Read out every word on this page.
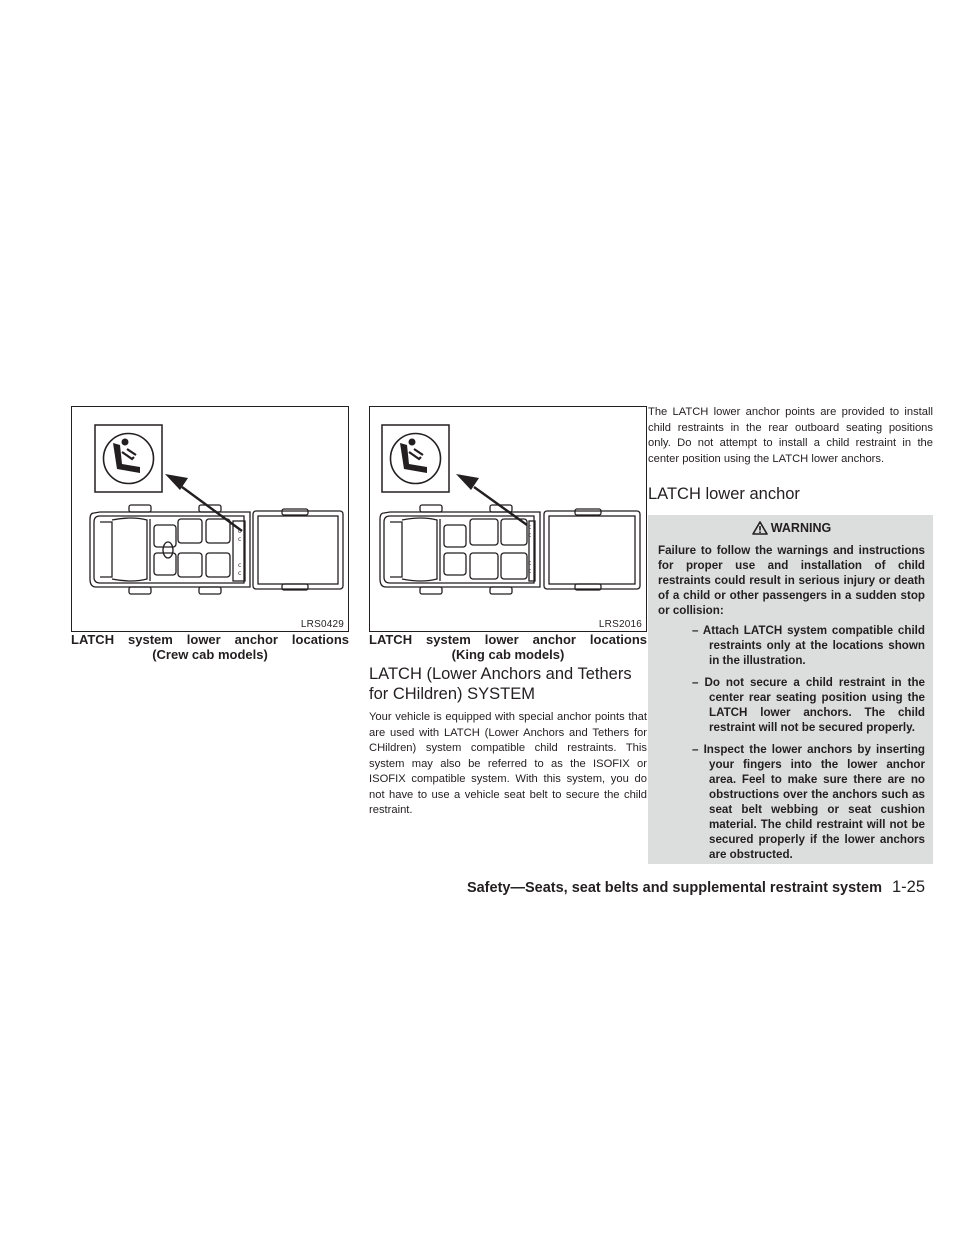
c
c
c
c
LRS0429
LATCH system lower anchor locations
(Crew cab models)
c
c
c
c
LRS2016
LATCH system lower anchor locations
(King cab models)
LATCH (Lower Anchors and Tethers for CHildren) SYSTEM

Your vehicle is equipped with special anchor points that are used with LATCH (Lower Anchors and Tethers for CHildren) system compatible child restraints. This system may also be referred to as the ISOFIX or ISOFIX compatible system. With this system, you do not have to use a vehicle seat belt to secure the child restraint.

The LATCH lower anchor points are provided to install child restraints in the rear outboard seating positions only. Do not attempt to install a child restraint in the center position using the LATCH lower anchors.

LATCH lower anchor
WARNING

Failure to follow the warnings and instructions for proper use and installation of child restraints could result in serious injury or death of a child or other passengers in a sudden stop or collision:

– Attach LATCH system compatible child restraints only at the locations shown in the illustration.

– Do not secure a child restraint in the center rear seating position using the LATCH lower anchors. The child restraint will not be secured properly.

– Inspect the lower anchors by inserting your fingers into the lower anchor area. Feel to make sure there are no obstructions over the anchors such as seat belt webbing or seat cushion material. The child restraint will not be secured properly if the lower anchors are obstructed.

Safety—Seats, seat belts and supplemental restraint system 1-25
